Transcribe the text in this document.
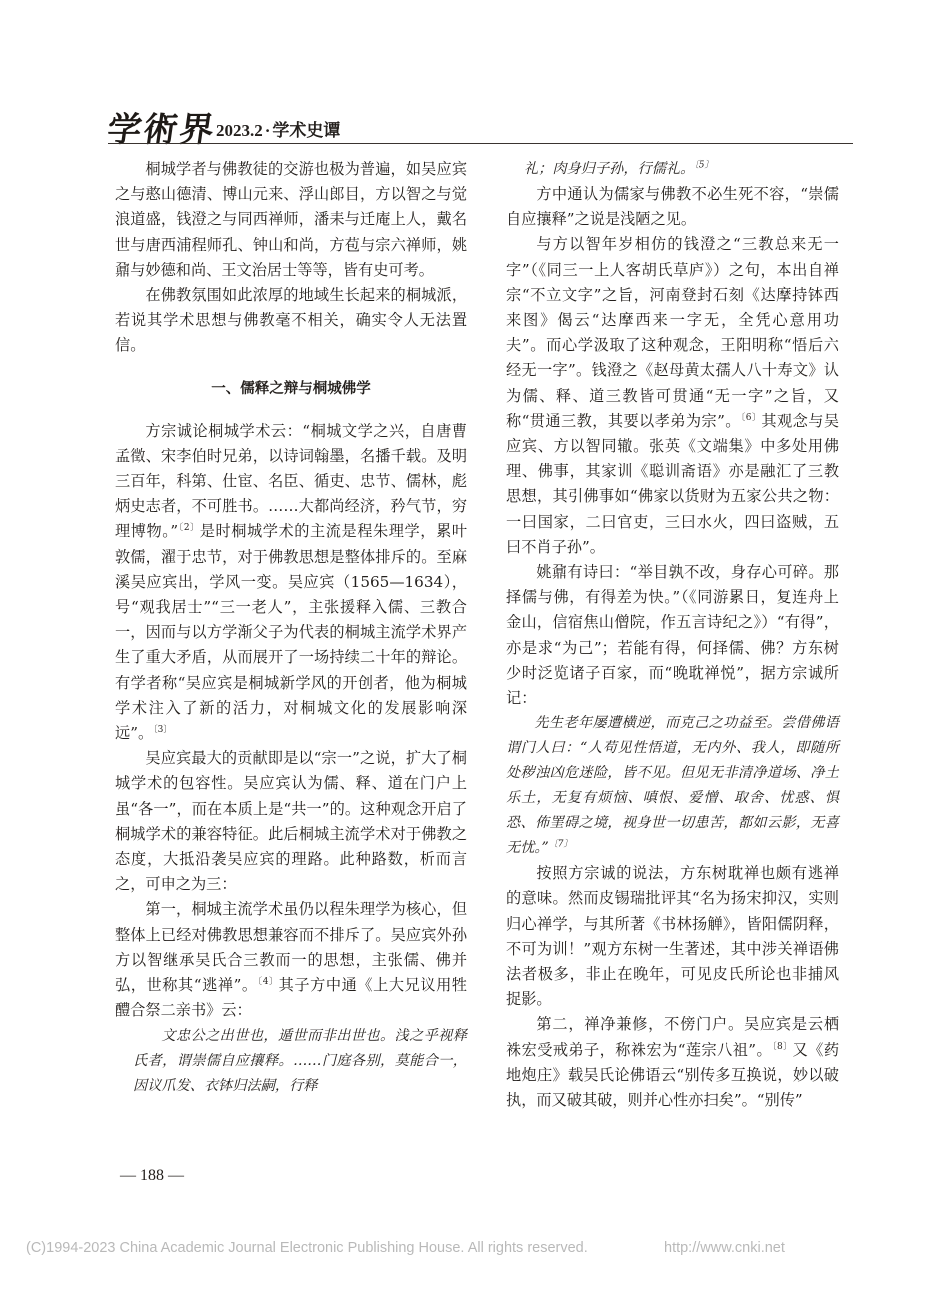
学術界
2023.2 · 学术史谭

桐城学者与佛教徒的交游也极为普遍，如吴应宾之与憨山德清、博山元来、浮山郎目，方以智之与觉浪道盛，钱澄之与同西禅师，潘耒与迁庵上人，戴名世与唐西浦程师孔、钟山和尚，方苞与宗六禅师，姚鼐与妙德和尚、王文治居士等等，皆有史可考。

在佛教氛围如此浓厚的地域生长起来的桐城派，若说其学术思想与佛教毫不相关，确实令人无法置信。

一、儒释之辩与桐城佛学

方宗诚论桐城学术云：“桐城文学之兴，自唐曹孟徵、宋李伯时兄弟，以诗词翰墨，名播千载。及明三百年，科第、仕宦、名臣、循吏、忠节、儒林，彪炳史志者，不可胜书。……大都尚经济，矜气节，穷理博物。”$^{〔2〕}$是时桐城学术的主流是程朱理学，累叶敦儒，濯于忠节，对于佛教思想是整体排斥的。至麻溪吴应宾出，学风一变。吴应宾（1565—1634），号“观我居士”“三一老人”，主张援释入儒、三教合一，因而与以方学渐父子为代表的桐城主流学术界产生了重大矛盾，从而展开了一场持续二十年的辩论。有学者称“吴应宾是桐城新学风的开创者，他为桐城学术注入了新的活力，对桐城文化的发展影响深远”。$^{〔3〕}$

吴应宾最大的贡献即是以“宗一”之说，扩大了桐城学术的包容性。吴应宾认为儒、释、道在门户上虽“各一”，而在本质上是“共一”的。这种观念开启了桐城学术的兼容特征。此后桐城主流学术对于佛教之态度，大抵沿袭吴应宾的理路。此种路数，析而言之，可申之为三：

第一，桐城主流学术虽仍以程朱理学为核心，但整体上已经对佛教思想兼容而不排斥了。吴应宾外孙方以智继承吴氏合三教而一的思想，主张儒、佛并弘，世称其“逃禅”。$^{〔4〕}$其子方中通《上大兄议用牲醴合祭二亲书》云：

文忠公之出世也，遁世而非出世也。浅之乎视释氏者，谓崇儒自应攘释。……门庭各别，莫能合一，因议爪发、衣钵归法嗣，行释
礼；肉身归子孙，行儒礼。$^{〔5〕}$

方中通认为儒家与佛教不必生死不容，“崇儒自应攘释”之说是浅陋之见。

与方以智年岁相仿的钱澄之“三教总来无一字”（《同三一上人客胡氏草庐》）之句，本出自禅宗“不立文字”之旨，河南登封石刻《达摩持钵西来图》偈云“达摩西来一字无，全凭心意用功夫”。而心学汲取了这种观念，王阳明称“悟后六经无一字”。钱澄之《赵母黄太孺人八十寿文》认为儒、释、道三教皆可贯通“无一字”之旨，又称“贯通三教，其要以孝弟为宗”。$^{〔6〕}$其观念与吴应宾、方以智同辙。张英《文端集》中多处用佛理、佛事，其家训《聪训斋语》亦是融汇了三教思想，其引佛事如“佛家以货财为五家公共之物：一曰国家，二曰官吏，三曰水火，四曰盗贼，五曰不肖子孙”。

姚鼐有诗曰：“举目孰不改，身存心可碎。那择儒与佛，有得差为快。”（《同游累日，复连舟上金山，信宿焦山僧院，作五言诗纪之》）“有得”，亦是求“为己”；若能有得，何择儒、佛？方东树少时泛览诸子百家，而“晚耽禅悦”，据方宗诚所记：

先生老年屡遭横逆，而克己之功益至。尝借佛语谓门人曰：“人苟见性悟道，无内外、我人，即随所处秽浊凶危迷险，皆不见。但见无非清净道场、净土乐土，无复有烦恼、嗔恨、爱憎、取舍、忧惑、惧恐、佈罣碍之境，视身世一切患苦，都如云影，无喜无忧。”$^{〔7〕}$

按照方宗诚的说法，方东树耽禅也颇有逃禅的意味。然而皮锡瑞批评其“名为扬宋抑汉，实则归心禅学，与其所著《书林扬觯》，皆阳儒阴释，不可为训！”观方东树一生著述，其中涉关禅语佛法者极多，非止在晚年，可见皮氏所论也非捕风捉影。

第二，禅净兼修，不傍门户。吴应宾是云栖袾宏受戒弟子，称袾宏为“莲宗八祖”。$^{〔8〕}$又《药地炮庄》载吴氏论佛语云“别传多互换说，妙以破执，而又破其破，则并心性亦扫矣”。“别传”

— 188 —
(C)1994-2023 China Academic Journal Electronic Publishing House. All rights reserved.	http://www.cnki.net
